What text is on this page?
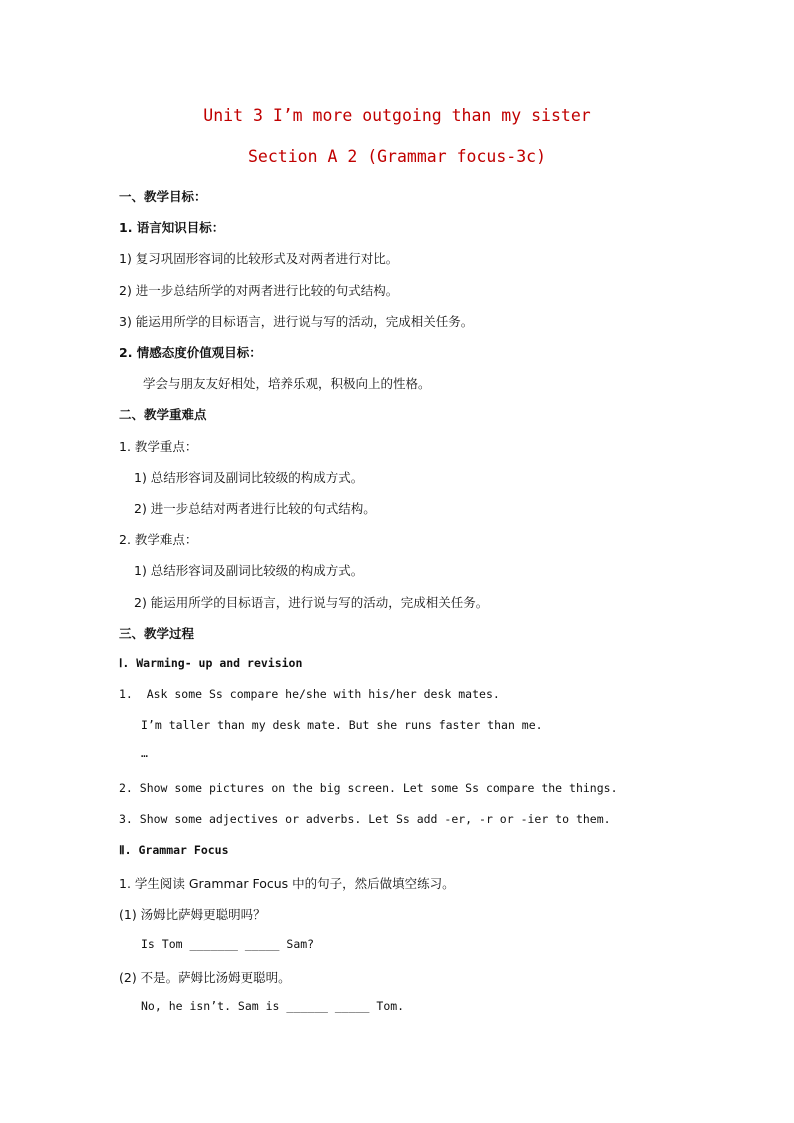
Unit 3 I’m more outgoing than my sister
Section A 2 (Grammar focus-3c)
一、教学目标：
1. 语言知识目标：
1) 复习巩固形容词的比较形式及对两者进行对比。
2) 进一步总结所学的对两者进行比较的句式结构。
3) 能运用所学的目标语言，进行说与写的活动，完成相关任务。
2. 情感态度价值观目标：
学会与朋友友好相处，培养乐观，积极向上的性格。
二、教学重难点
1. 教学重点：
1) 总结形容词及副词比较级的构成方式。
2) 进一步总结对两者进行比较的句式结构。
2. 教学难点：
1) 总结形容词及副词比较级的构成方式。
2) 能运用所学的目标语言，进行说与写的活动，完成相关任务。
三、教学过程
Ⅰ. Warming- up and revision
1.  Ask some Ss compare he/she with his/her desk mates.
I’m taller than my desk mate. But she runs faster than me.
…
2. Show some pictures on the big screen. Let some Ss compare the things.
3. Show some adjectives or adverbs. Let Ss add -er, -r or -ier to them.
Ⅱ. Grammar Focus
1. 学生阅读 Grammar Focus 中的句子，然后做填空练习。
(1) 汤姆比萨姆更聪明吗？
Is Tom _______ _____ Sam?
(2) 不是。萨姆比汤姆更聪明。
No, he isn’t. Sam is ______ _____ Tom.
